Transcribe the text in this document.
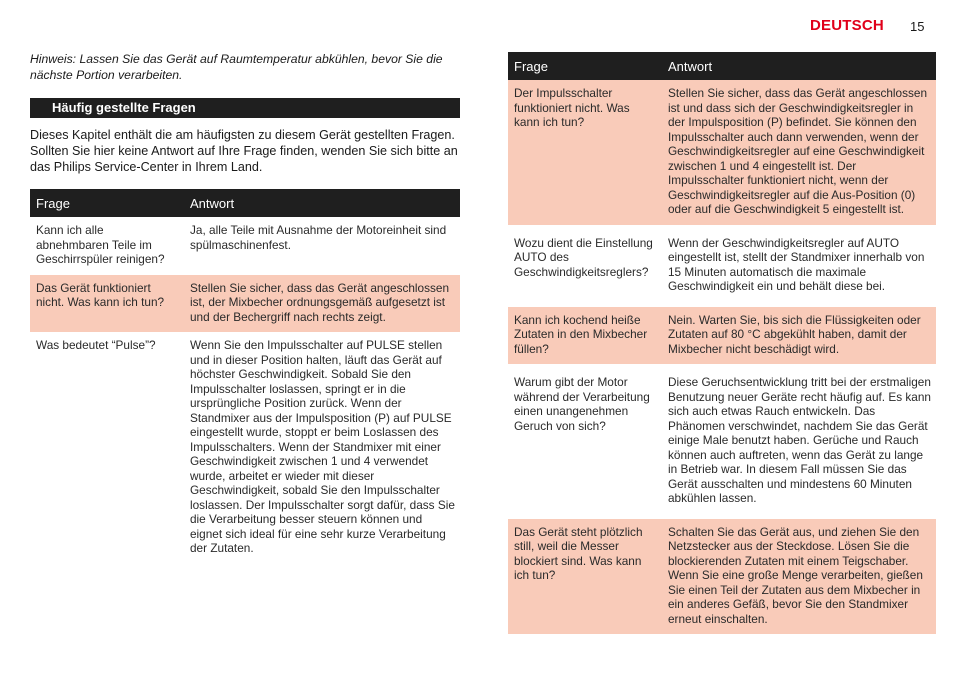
DEUTSCH 15

Hinweis: Lassen Sie das Gerät auf Raumtemperatur abkühlen, bevor Sie die nächste Portion verarbeiten.

Häufig gestellte Fragen

Dieses Kapitel enthält die am häufigsten zu diesem Gerät gestellten Fragen. Sollten Sie hier keine Antwort auf Ihre Frage finden, wenden Sie sich bitte an das Philips Service-Center in Ihrem Land.

Frage	Antwort
Kann ich alle abnehmbaren Teile im Geschirrspüler reinigen?	Ja, alle Teile mit Ausnahme der Motoreinheit sind spülmaschinenfest.
Das Gerät funktioniert nicht. Was kann ich tun?	Stellen Sie sicher, dass das Gerät angeschlossen ist, der Mixbecher ordnungsgemäß aufgesetzt ist und der Bechergriff nach rechts zeigt.
Was bedeutet “Pulse”?	Wenn Sie den Impulsschalter auf PULSE stellen und in dieser Position halten, läuft das Gerät auf höchster Geschwindigkeit. Sobald Sie den Impulsschalter loslassen, springt er in die ursprüngliche Position zurück. Wenn der Standmixer aus der Impulsposition (P) auf PULSE eingestellt wurde, stoppt er beim Loslassen des Impulsschalters. Wenn der Standmixer mit einer Geschwindigkeit zwischen 1 und 4 verwendet wurde, arbeitet er wieder mit dieser Geschwindigkeit, sobald Sie den Impulsschalter loslassen. Der Impulsschalter sorgt dafür, dass Sie die Verarbeitung besser steuern können und eignet sich ideal für eine sehr kurze Verarbeitung der Zutaten.
Frage	Antwort
Der Impulsschalter funktioniert nicht. Was kann ich tun?	Stellen Sie sicher, dass das Gerät angeschlossen ist und dass sich der Geschwindigkeitsregler in der Impulsposition (P) befindet. Sie können den Impulsschalter auch dann verwenden, wenn der Geschwindigkeitsregler auf eine Geschwindigkeit zwischen 1 und 4 eingestellt ist. Der Impulsschalter funktioniert nicht, wenn der Geschwindigkeitsregler auf die Aus-Position (0) oder auf die Geschwindigkeit 5 eingestellt ist.

Wozu dient die Einstellung AUTO des Geschwindigkeitsreglers?	Wenn der Geschwindigkeitsregler auf AUTO eingestellt ist, stellt der Standmixer innerhalb von 15 Minuten automatisch die maximale Geschwindigkeit ein und behält diese bei.

Kann ich kochend heiße Zutaten in den Mixbecher füllen?	Nein. Warten Sie, bis sich die Flüssigkeiten oder Zutaten auf 80 °C abgekühlt haben, damit der Mixbecher nicht beschädigt wird.

Warum gibt der Motor während der Verarbeitung einen unangenehmen Geruch von sich?	Diese Geruchsentwicklung tritt bei der erstmaligen Benutzung neuer Geräte recht häufig auf. Es kann sich auch etwas Rauch entwickeln. Das Phänomen verschwindet, nachdem Sie das Gerät einige Male benutzt haben. Gerüche und Rauch können auch auftreten, wenn das Gerät zu lange in Betrieb war. In diesem Fall müssen Sie das Gerät ausschalten und mindestens 60 Minuten abkühlen lassen.

Das Gerät steht plötzlich still, weil die Messer blockiert sind. Was kann ich tun?	Schalten Sie das Gerät aus, und ziehen Sie den Netzstecker aus der Steckdose. Lösen Sie die blockierenden Zutaten mit einem Teigschaber. Wenn Sie eine große Menge verarbeiten, gießen Sie einen Teil der Zutaten aus dem Mixbecher in ein anderes Gefäß, bevor Sie den Standmixer erneut einschalten.
